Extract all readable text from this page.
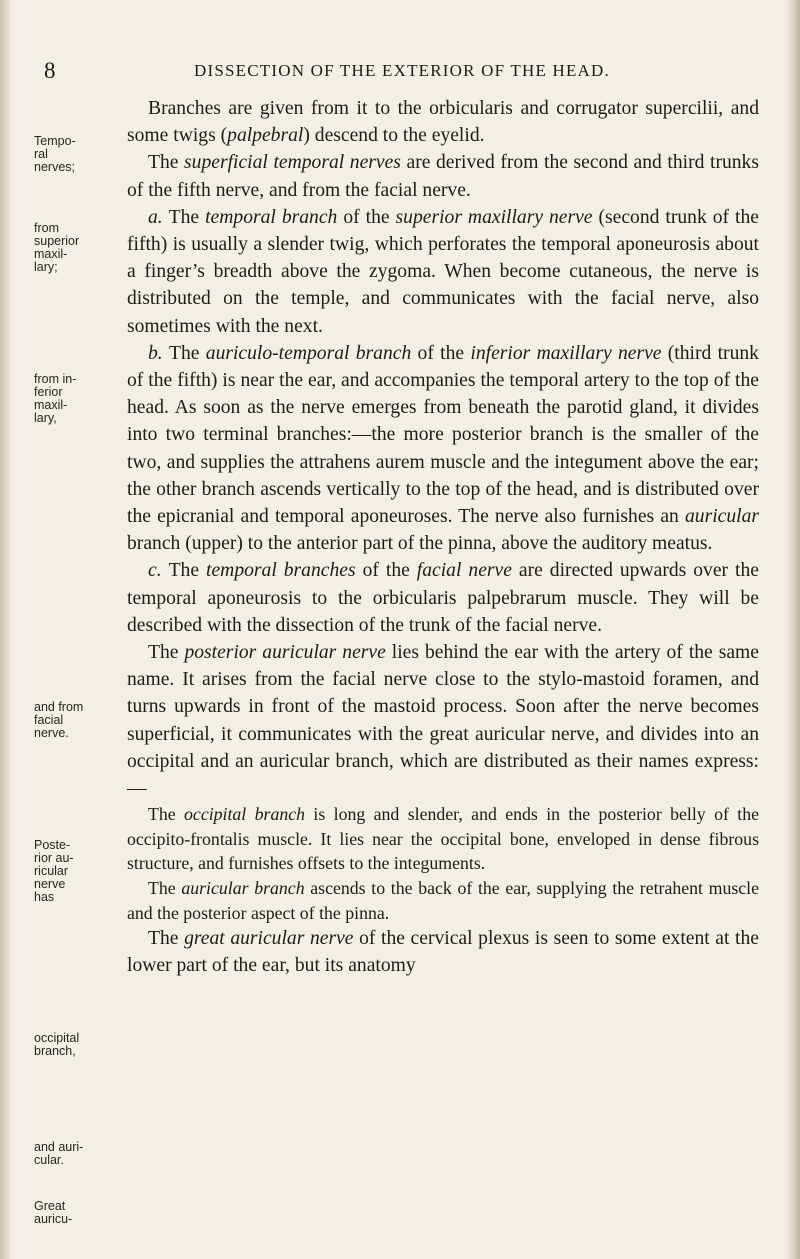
8	DISSECTION OF THE EXTERIOR OF THE HEAD.
Tempo-
ral
nerves;
from
superior
maxil-
lary;
from in-
ferior
maxil-
lary,
and from
facial
nerve.
Poste-
rior au-
ricular
nerve
has
occipital
branch,
and auri-
cular.
Great
auricu-

Branches are given from it to the orbicularis and corrugator supercilii, and some twigs (palpebral) descend to the eyelid.

The superficial temporal nerves are derived from the second and third trunks of the fifth nerve, and from the facial nerve.

a. The temporal branch of the superior maxillary nerve (second trunk of the fifth) is usually a slender twig, which perforates the temporal aponeurosis about a finger’s breadth above the zygoma. When become cutaneous, the nerve is distributed on the temple, and communicates with the facial nerve, also sometimes with the next.

b. The auriculo-temporal branch of the inferior maxillary nerve (third trunk of the fifth) is near the ear, and accompanies the temporal artery to the top of the head. As soon as the nerve emerges from beneath the parotid gland, it divides into two terminal branches:—the more posterior branch is the smaller of the two, and supplies the attrahens aurem muscle and the integument above the ear; the other branch ascends vertically to the top of the head, and is distributed over the epicranial and temporal aponeuroses. The nerve also furnishes an auricular branch (upper) to the anterior part of the pinna, above the auditory meatus.

c. The temporal branches of the facial nerve are directed upwards over the temporal aponeurosis to the orbicularis palpebrarum muscle. They will be described with the dissection of the trunk of the facial nerve.

The posterior auricular nerve lies behind the ear with the artery of the same name. It arises from the facial nerve close to the stylo-mastoid foramen, and turns upwards in front of the mastoid process. Soon after the nerve becomes superficial, it communicates with the great auricular nerve, and divides into an occipital and an auricular branch, which are distributed as their names express:—

The occipital branch is long and slender, and ends in the posterior belly of the occipito-frontalis muscle. It lies near the occipital bone, enveloped in dense fibrous structure, and furnishes offsets to the integuments.

The auricular branch ascends to the back of the ear, supplying the retrahent muscle and the posterior aspect of the pinna.

The great auricular nerve of the cervical plexus is seen to some extent at the lower part of the ear, but its anatomy
